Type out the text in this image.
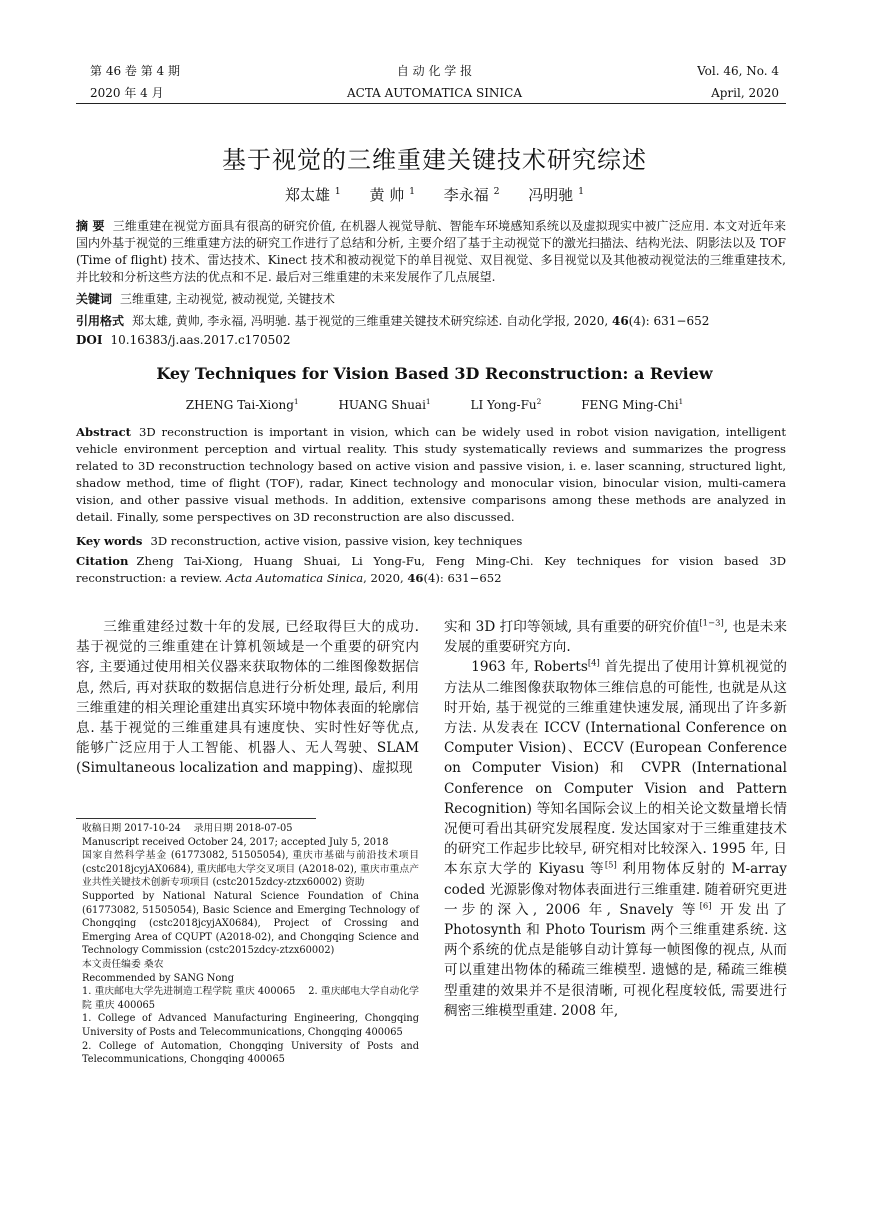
第 46 卷 第 4 期	自 动 化 学 报	Vol. 46, No. 4
2020 年 4 月	ACTA AUTOMATICA SINICA	April, 2020
基于视觉的三维重建关键技术研究综述
郑太雄 $^1$ 黄 帅 $^1$ 李永福 $^2$ 冯明驰 $^1$
摘 要 三维重建在视觉方面具有很高的研究价值, 在机器人视觉导航、智能车环境感知系统以及虚拟现实中被广泛应用. 本文对近年来国内外基于视觉的三维重建方法的研究工作进行了总结和分析, 主要介绍了基于主动视觉下的激光扫描法、结构光法、阴影法以及 TOF (Time of flight) 技术、雷达技术、Kinect 技术和被动视觉下的单目视觉、双目视觉、多目视觉以及其他被动视觉法的三维重建技术, 并比较和分析这些方法的优点和不足. 最后对三维重建的未来发展作了几点展望.
关键词 三维重建, 主动视觉, 被动视觉, 关键技术
引用格式 郑太雄, 黄帅, 李永福, 冯明驰. 基于视觉的三维重建关键技术研究综述. 自动化学报, 2020, 46(4): 631−652
DOI 10.16383/j.aas.2017.c170502
Key Techniques for Vision Based 3D Reconstruction: a Review
ZHENG Tai-Xiong$^1$	HUANG Shuai$^1$	LI Yong-Fu$^2$	FENG Ming-Chi$^1$
Abstract 3D reconstruction is important in vision, which can be widely used in robot vision navigation, intelligent vehicle environment perception and virtual reality. This study systematically reviews and summarizes the progress related to 3D reconstruction technology based on active vision and passive vision, i. e. laser scanning, structured light, shadow method, time of flight (TOF), radar, Kinect technology and monocular vision, binocular vision, multi-camera vision, and other passive visual methods. In addition, extensive comparisons among these methods are analyzed in detail. Finally, some perspectives on 3D reconstruction are also discussed.
Key words 3D reconstruction, active vision, passive vision, key techniques
Citation Zheng Tai-Xiong, Huang Shuai, Li Yong-Fu, Feng Ming-Chi. Key techniques for vision based 3D reconstruction: a review. Acta Automatica Sinica, 2020, 46(4): 631−652

三维重建经过数十年的发展, 已经取得巨大的成功. 基于视觉的三维重建在计算机领域是一个重要的研究内容, 主要通过使用相关仪器来获取物体的二维图像数据信息, 然后, 再对获取的数据信息进行分析处理, 最后, 利用三维重建的相关理论重建出真实环境中物体表面的轮廓信息. 基于视觉的三维重建具有速度快、实时性好等优点, 能够广泛应用于人工智能、机器人、无人驾驶、SLAM (Simultaneous localization and mapping)、虚拟现

实和 3D 打印等领域, 具有重要的研究价值[1−3], 也是未来发展的重要研究方向.

1963 年, Roberts[4] 首先提出了使用计算机视觉的方法从二维图像获取物体三维信息的可能性, 也就是从这时开始, 基于视觉的三维重建快速发展, 涌现出了许多新方法. 从发表在 ICCV (International Conference on Computer Vision)、ECCV (European Conference on Computer Vision) 和 CVPR (International Conference on Computer Vision and Pattern Recognition) 等知名国际会议上的相关论文数量增长情况便可看出其研究发展程度. 发达国家对于三维重建技术的研究工作起步比较早, 研究相对比较深入. 1995 年, 日本东京大学的 Kiyasu 等[5] 利用物体反射的 M-array coded 光源影像对物体表面进行三维重建. 随着研究更进一步的深入, 2006 年, Snavely 等[6] 开发出了 Photosynth 和 Photo Tourism 两个三维重建系统. 这两个系统的优点是能够自动计算每一帧图像的视点, 从而可以重建出物体的稀疏三维模型. 遗憾的是, 稀疏三维模型重建的效果并不是很清晰, 可视化程度较低, 需要进行稠密三维模型重建. 2008 年,

收稿日期 2017-10-24　 录用日期 2018-07-05
Manuscript received October 24, 2017; accepted July 5, 2018
国家自然科学基金 (61773082, 51505054), 重庆市基础与前沿技术项目 (cstc2018jcyjAX0684), 重庆邮电大学交叉项目 (A2018-02), 重庆市重点产业共性关键技术创新专项项目 (cstc2015zdcy-ztzx60002) 资助
Supported by National Natural Science Foundation of China (61773082, 51505054), Basic Science and Emerging Technology of Chongqing (cstc2018jcyjAX0684), Project of Crossing and Emerging Area of CQUPT (A2018-02), and Chongqing Science and Technology Commission (cstc2015zdcy-ztzx60002)
本文责任编委 桑农
Recommended by SANG Nong
1. 重庆邮电大学先进制造工程学院 重庆 400065　 2. 重庆邮电大学自动化学院 重庆 400065
1. College of Advanced Manufacturing Engineering, Chongqing University of Posts and Telecommunications, Chongqing 400065
2. College of Automation, Chongqing University of Posts and Telecommunications, Chongqing 400065
